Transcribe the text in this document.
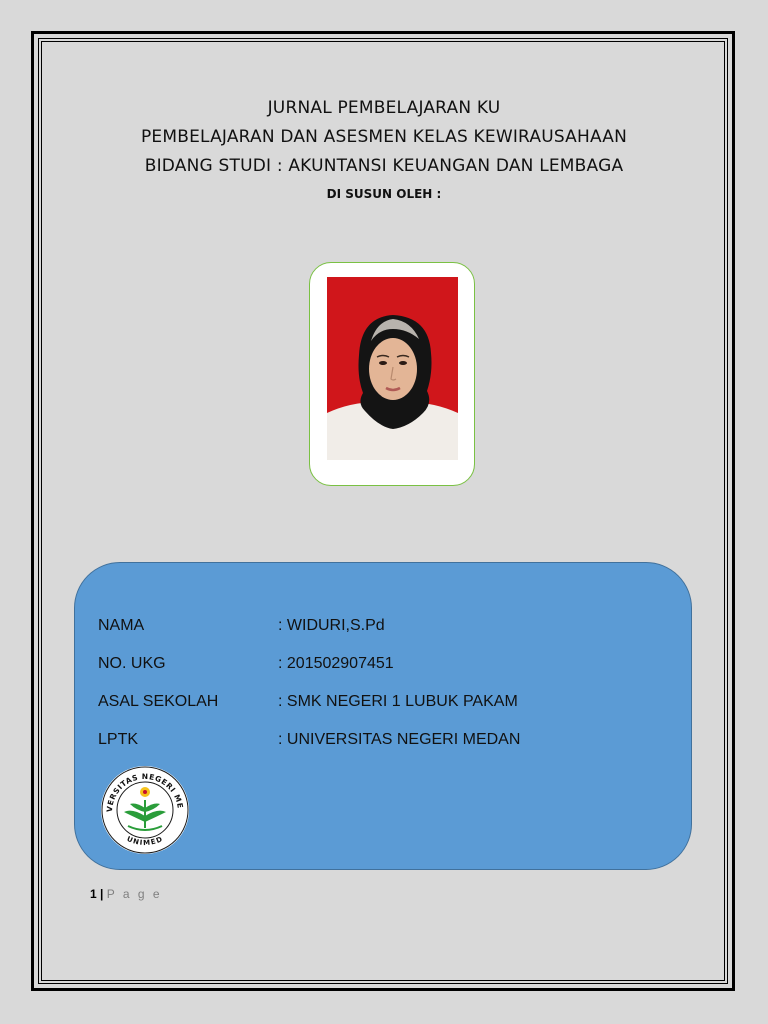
JURNAL PEMBELAJARAN KU
PEMBELAJARAN DAN ASESMEN KELAS KEWIRAUSAHAAN
BIDANG STUDI : AKUNTANSI KEUANGAN DAN LEMBAGA
DI SUSUN OLEH :
NAMA	: WIDURI,S.Pd
NO. UKG	: 201502907451
ASAL SEKOLAH	: SMK NEGERI 1 LUBUK PAKAM
LPTK	: UNIVERSITAS NEGERI MEDAN
VERSITAS NEGERI ME
UNIMED
1 | P a g e
